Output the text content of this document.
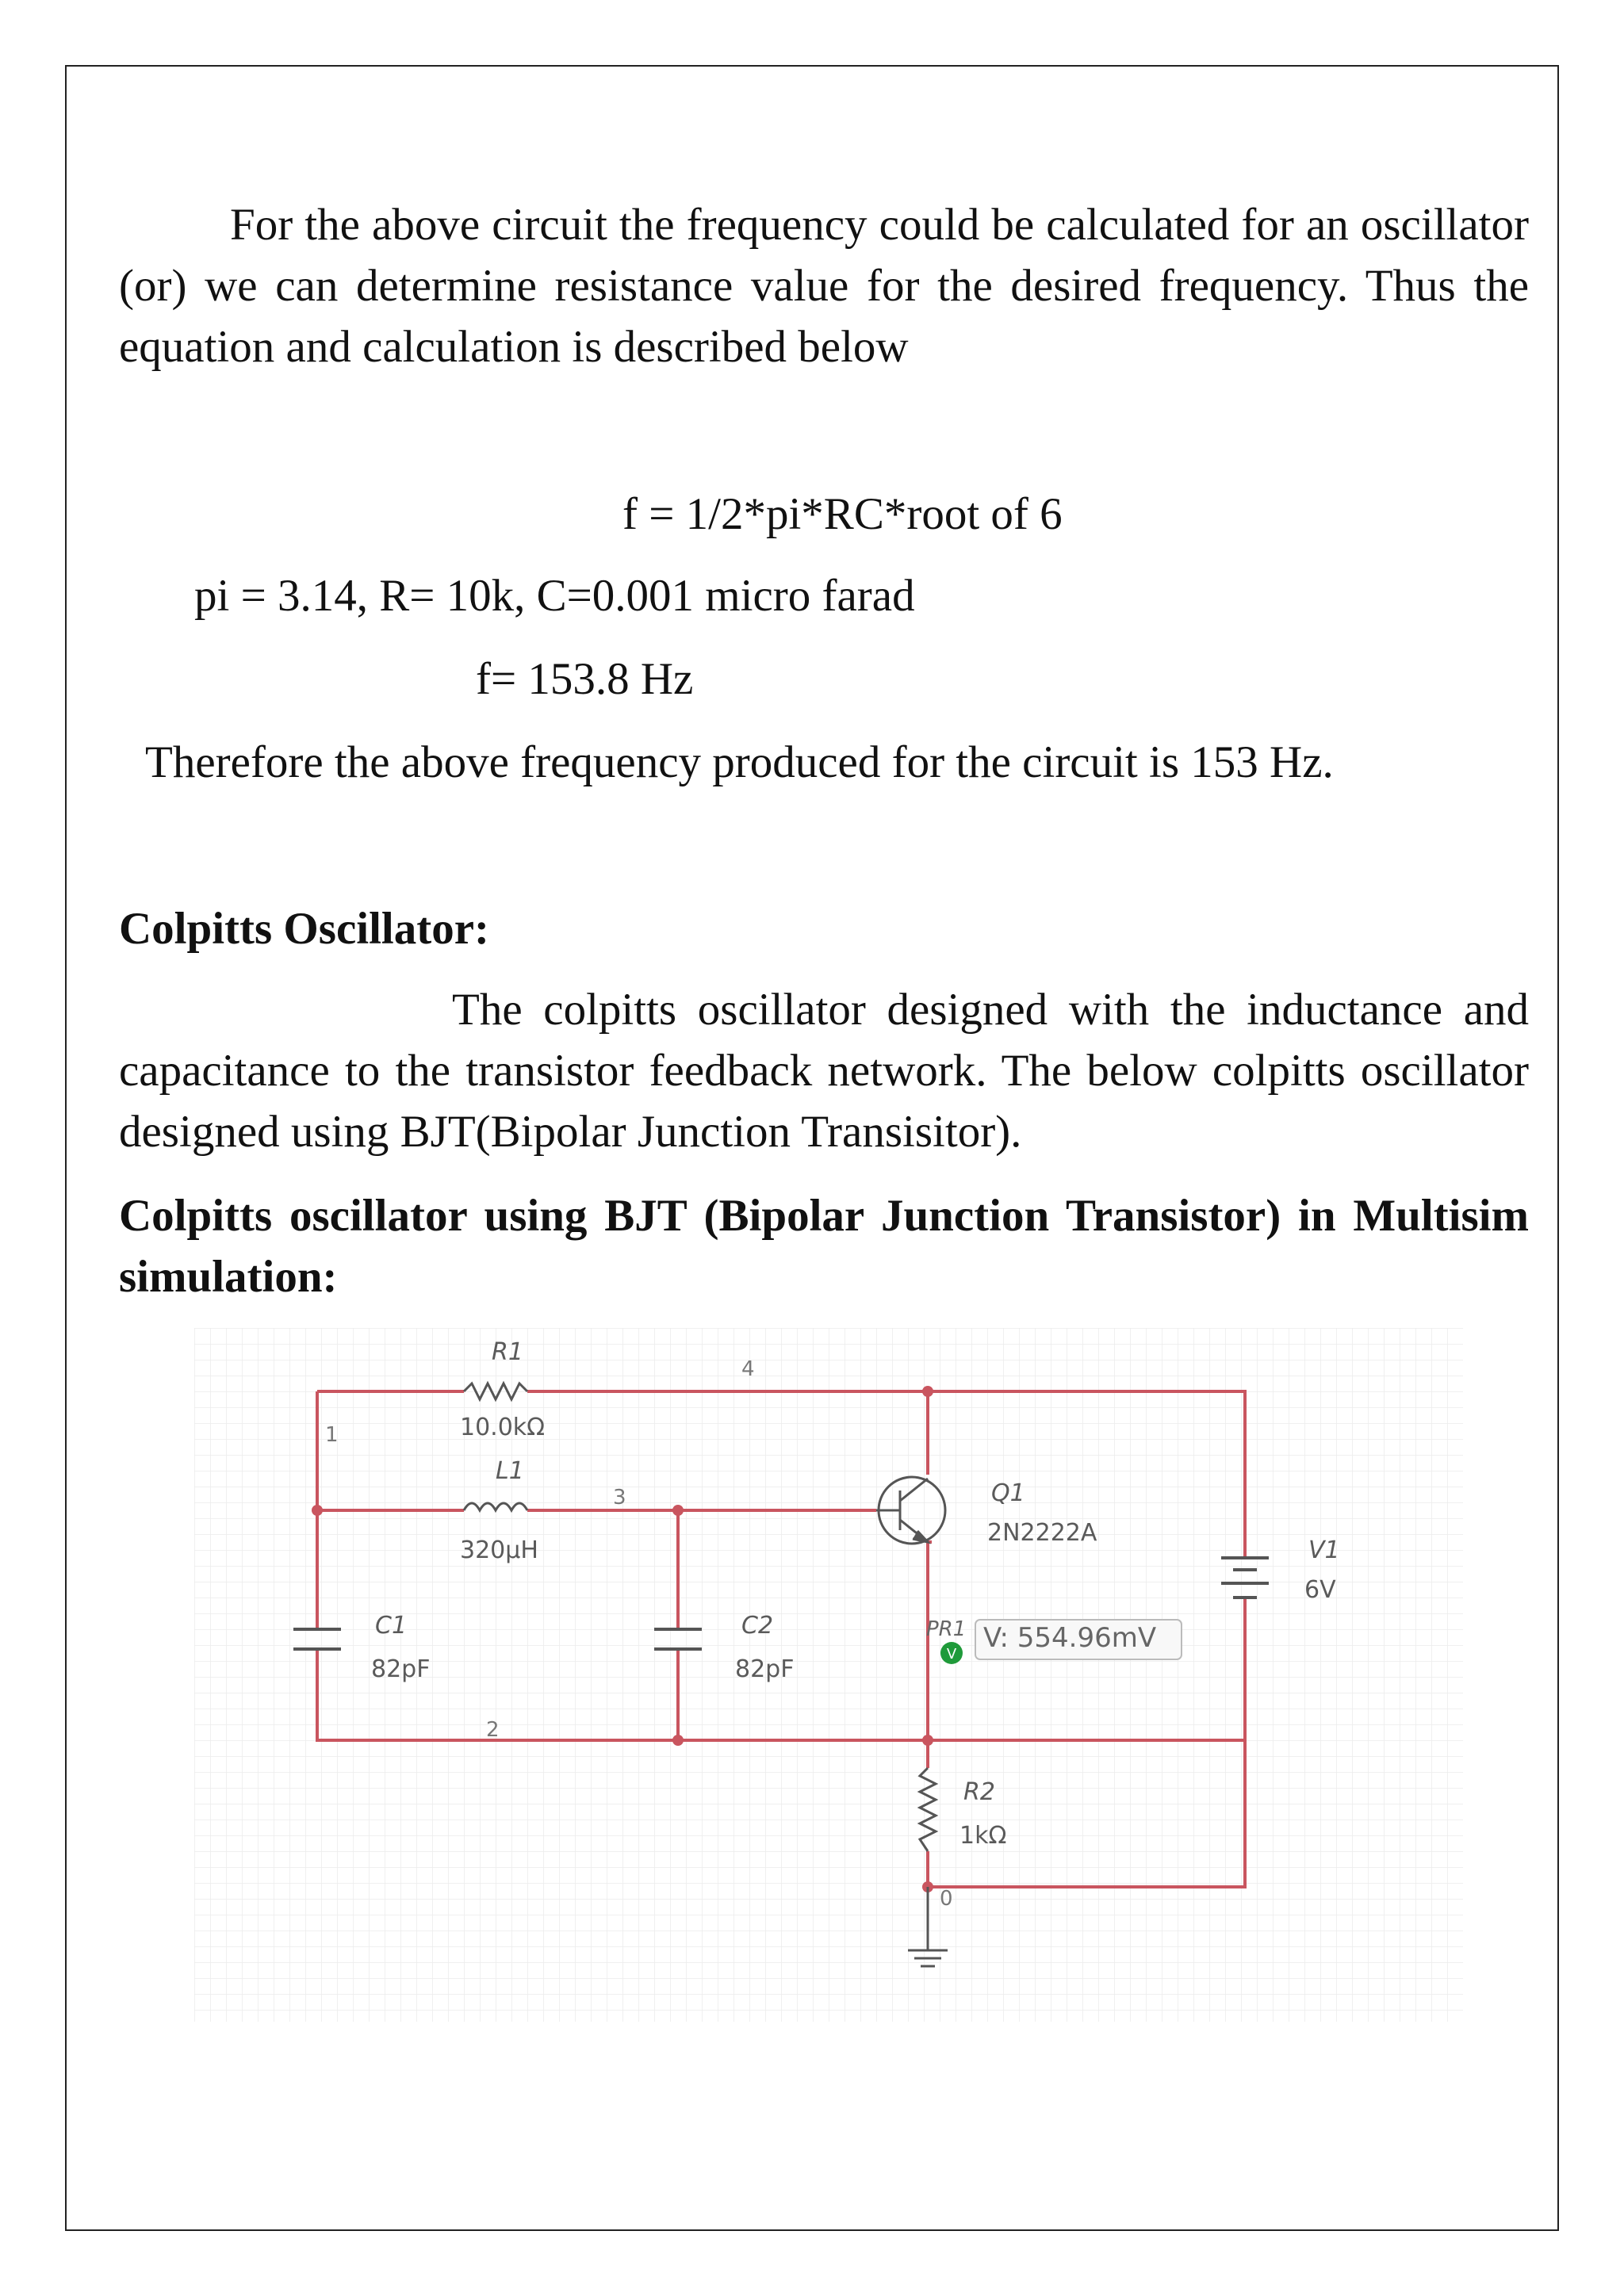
For the above circuit the frequency could be calculated for an oscillator (or) we can determine resistance value for the desired frequency. Thus the equation and calculation is described below

f = 1/2*pi*RC*root of 6

pi = 3.14, R= 10k, C=0.001 micro farad

f= 153.8 Hz

Therefore the above frequency produced for the circuit is 153 Hz.

Colpitts Oscillator:

The colpitts oscillator designed with the inductance and capacitance to the transistor feedback network. The below colpitts oscillator designed using BJT(Bipolar Junction Transisitor).

Colpitts oscillator using BJT (Bipolar Junction Transistor) in Multisim simulation:

V
V: 554.96mV
PR1
1
4
3
2
0
R1
10.0kΩ
L1
320µH
C1
82pF
C2
82pF
Q1
2N2222A
V1
6V
R2
1kΩ
